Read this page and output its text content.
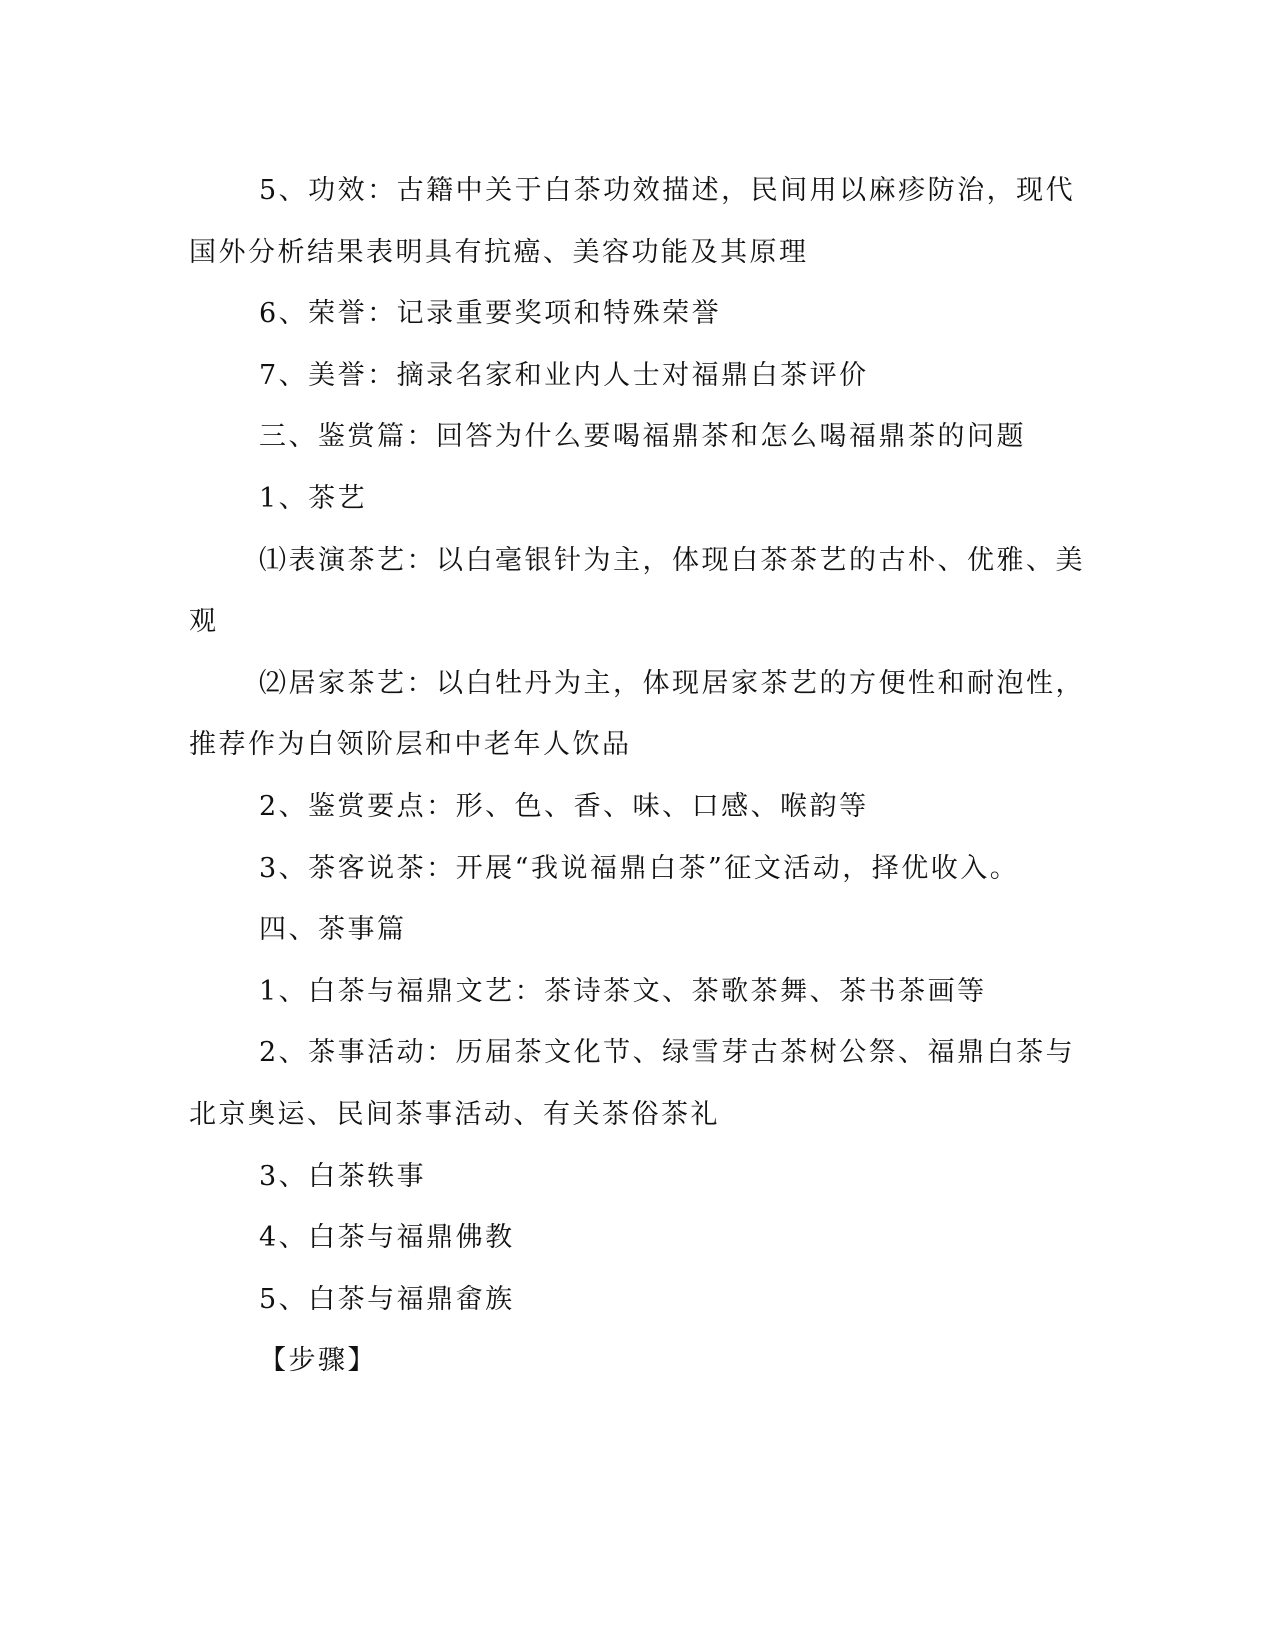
5、功效：古籍中关于白茶功效描述，民间用以麻疹防治，现代国外分析结果表明具有抗癌、美容功能及其原理

6、荣誉：记录重要奖项和特殊荣誉

7、美誉：摘录名家和业内人士对福鼎白茶评价

三、鉴赏篇：回答为什么要喝福鼎茶和怎么喝福鼎茶的问题

1、茶艺

⑴表演茶艺：以白毫银针为主，体现白茶茶艺的古朴、优雅、美观

⑵居家茶艺：以白牡丹为主，体现居家茶艺的方便性和耐泡性，推荐作为白领阶层和中老年人饮品

2、鉴赏要点：形、色、香、味、口感、喉韵等

3、茶客说茶：开展“我说福鼎白茶”征文活动，择优收入。

四、茶事篇

1、白茶与福鼎文艺：茶诗茶文、茶歌茶舞、茶书茶画等

2、茶事活动：历届茶文化节、绿雪芽古茶树公祭、福鼎白茶与北京奥运、民间茶事活动、有关茶俗茶礼

3、白茶轶事

4、白茶与福鼎佛教

5、白茶与福鼎畲族

【步骤】
